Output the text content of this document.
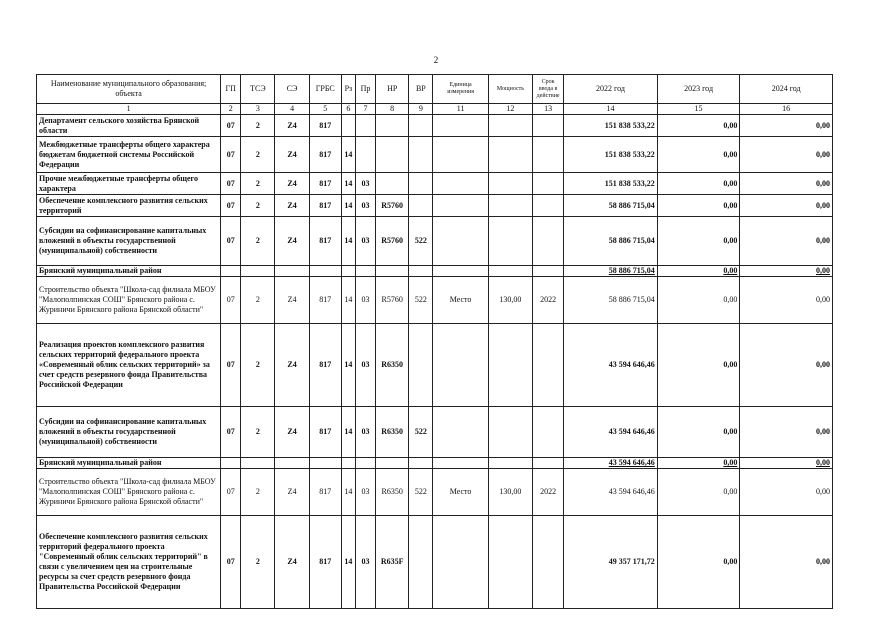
2
Наименование муниципального образования; объекта	ГП	ТСЭ	СЭ	ГРБС	Рз	Пр	НР	ВР	Единица измерения	Мощность	Срок ввода в действие	2022 год	2023 год	2024 год
1	2	3	4	5	6	7	8	9	11	12	13	14	15	16
Департамент сельского хозяйства Брянской области	07	2	Z4	817								151 838 533,22	0,00	0,00
Межбюджетные трансферты общего характера бюджетам бюджетной системы Российской Федерации	07	2	Z4	817	14							151 838 533,22	0,00	0,00
Прочие межбюджетные трансферты общего характера	07	2	Z4	817	14	03						151 838 533,22	0,00	0,00
Обеспечение комплексного развития сельских территорий	07	2	Z4	817	14	03	R5760					58 886 715,04	0,00	0,00
Субсидии на софинансирование капитальных вложений в объекты государственной (муниципальной) собственности	07	2	Z4	817	14	03	R5760	522				58 886 715,04	0,00	0,00
Брянский муниципальный район												58 886 715,04	0,00	0,00
Строительство объекта "Школа-сад филиала МБОУ "Малополпинская СОШ" Брянского района с. Журиничи Брянского района Брянской области"	07	2	Z4	817	14	03	R5760	522	Место	130,00	2022	58 886 715,04	0,00	0,00
Реализация проектов комплексного развития сельских территорий федерального проекта «Современный облик сельских территорий» за счет средств резервного фонда Правительства Российской Федерации	07	2	Z4	817	14	03	R6350					43 594 646,46	0,00	0,00
Субсидии на софинансирование капитальных вложений в объекты государственной (муниципальной) собственности	07	2	Z4	817	14	03	R6350	522				43 594 646,46	0,00	0,00
Брянский муниципальный район												43 594 646,46	0,00	0,00
Строительство объекта "Школа-сад филиала МБОУ "Малополпинская СОШ" Брянского района с. Журиничи Брянского района Брянской области"	07	2	Z4	817	14	03	R6350	522	Место	130,00	2022	43 594 646,46	0,00	0,00
Обеспечение комплексного развития сельских территорий федерального проекта "Современный облик сельских территорий" в связи с увеличением цен на строительные ресурсы за счет средств резервного фонда Правительства Российской Федерации	07	2	Z4	817	14	03	R635F					49 357 171,72	0,00	0,00
